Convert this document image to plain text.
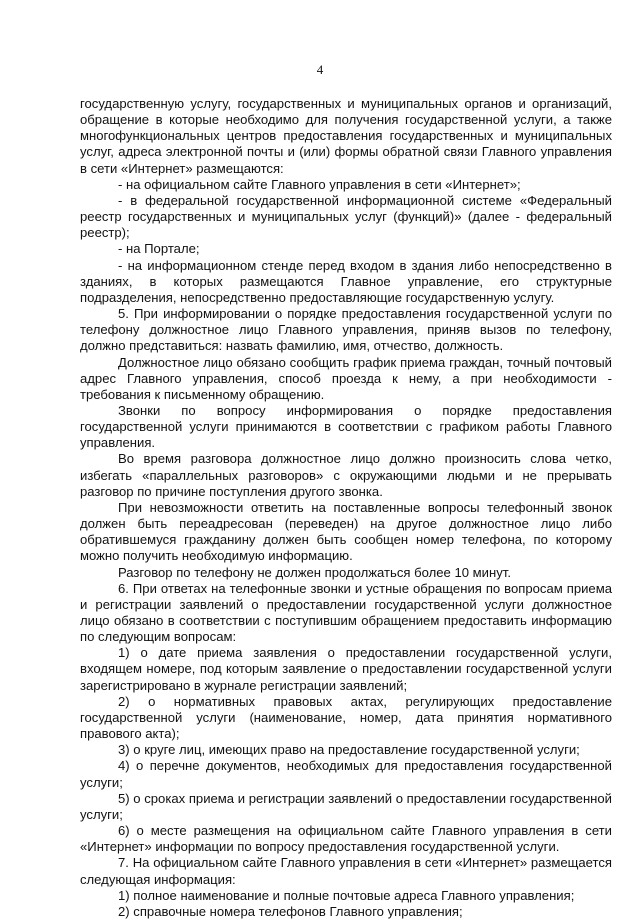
4

государственную услугу, государственных и муниципальных органов и организаций, обращение в которые необходимо для получения государственной услуги, а также многофункциональных центров предоставления государственных и муниципальных услуг, адреса электронной почты и (или) формы обратной связи Главного управления в сети «Интернет» размещаются:

- на официальном сайте Главного управления в сети «Интернет»;

- в федеральной государственной информационной системе «Федеральный реестр государственных и муниципальных услуг (функций)» (далее - федеральный реестр);

- на Портале;

- на информационном стенде перед входом в здания либо непосредственно в зданиях, в которых размещаются Главное управление, его структурные подразделения, непосредственно предоставляющие государственную услугу.

5. При информировании о порядке предоставления государственной услуги по телефону должностное лицо Главного управления, приняв вызов по телефону, должно представиться: назвать фамилию, имя, отчество, должность.

Должностное лицо обязано сообщить график приема граждан, точный почтовый адрес Главного управления, способ проезда к нему, а при необходимости - требования к письменному обращению.

Звонки по вопросу информирования о порядке предоставления государственной услуги принимаются в соответствии с графиком работы Главного управления.

Во время разговора должностное лицо должно произносить слова четко, избегать «параллельных разговоров» с окружающими людьми и не прерывать разговор по причине поступления другого звонка.

При невозможности ответить на поставленные вопросы телефонный звонок должен быть переадресован (переведен) на другое должностное лицо либо обратившемуся гражданину должен быть сообщен номер телефона, по которому можно получить необходимую информацию.

Разговор по телефону не должен продолжаться более 10 минут.

6. При ответах на телефонные звонки и устные обращения по вопросам приема и регистрации заявлений о предоставлении государственной услуги должностное лицо обязано в соответствии с поступившим обращением предоставить информацию по следующим вопросам:

1) о дате приема заявления о предоставлении государственной услуги, входящем номере, под которым заявление о предоставлении государственной услуги зарегистрировано в журнале регистрации заявлений;

2) о нормативных правовых актах, регулирующих предоставление государственной услуги (наименование, номер, дата принятия нормативного правового акта);

3) о круге лиц, имеющих право на предоставление государственной услуги;

4) о перечне документов, необходимых для предоставления государственной услуги;

5) о сроках приема и регистрации заявлений о предоставлении государственной услуги;

6) о месте размещения на официальном сайте Главного управления в сети «Интернет» информации по вопросу предоставления государственной услуги.

7. На официальном сайте Главного управления в сети «Интернет» размещается следующая информация:

1) полное наименование и полные почтовые адреса Главного управления;

2) справочные номера телефонов Главного управления;
